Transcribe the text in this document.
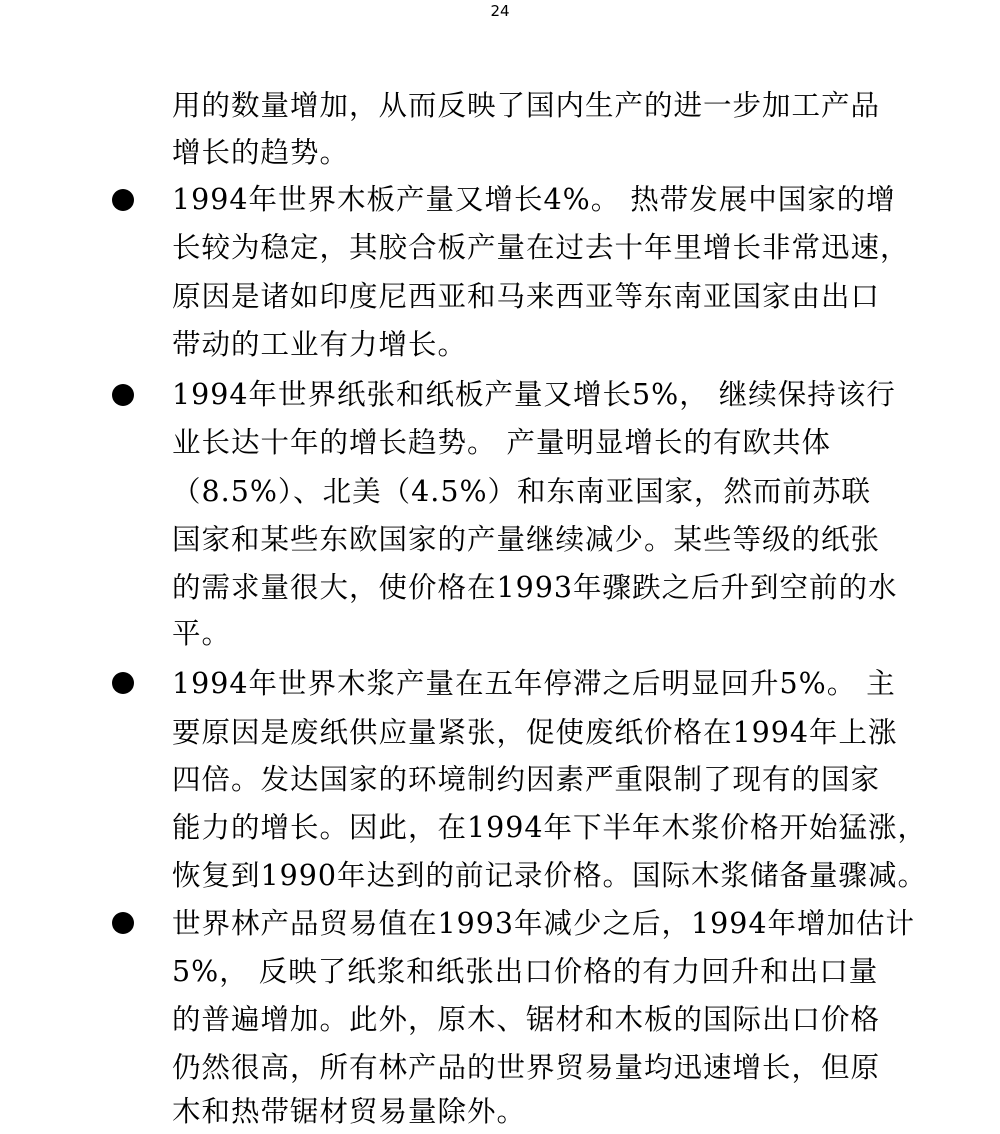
24
用的数量增加，从而反映了国内生产的进一步加工产品
增长的趋势。
1994年世界木板产量又增长4%。 热带发展中国家的增
长较为稳定，其胶合板产量在过去十年里增长非常迅速，
原因是诸如印度尼西亚和马来西亚等东南亚国家由出口
带动的工业有力增长。
1994年世界纸张和纸板产量又增长5%， 继续保持该行
业长达十年的增长趋势。 产量明显增长的有欧共体
（8.5%）、北美（4.5%）和东南亚国家，然而前苏联
国家和某些东欧国家的产量继续减少。某些等级的纸张
的需求量很大，使价格在1993年骤跌之后升到空前的水
平。
1994年世界木浆产量在五年停滞之后明显回升5%。 主
要原因是废纸供应量紧张，促使废纸价格在1994年上涨
四倍。发达国家的环境制约因素严重限制了现有的国家
能力的增长。因此，在1994年下半年木浆价格开始猛涨，
恢复到1990年达到的前记录价格。国际木浆储备量骤减。
世界林产品贸易值在1993年减少之后，1994年增加估计
5%， 反映了纸浆和纸张出口价格的有力回升和出口量
的普遍增加。此外，原木、锯材和木板的国际出口价格
仍然很高，所有林产品的世界贸易量均迅速增长，但原
木和热带锯材贸易量除外。
